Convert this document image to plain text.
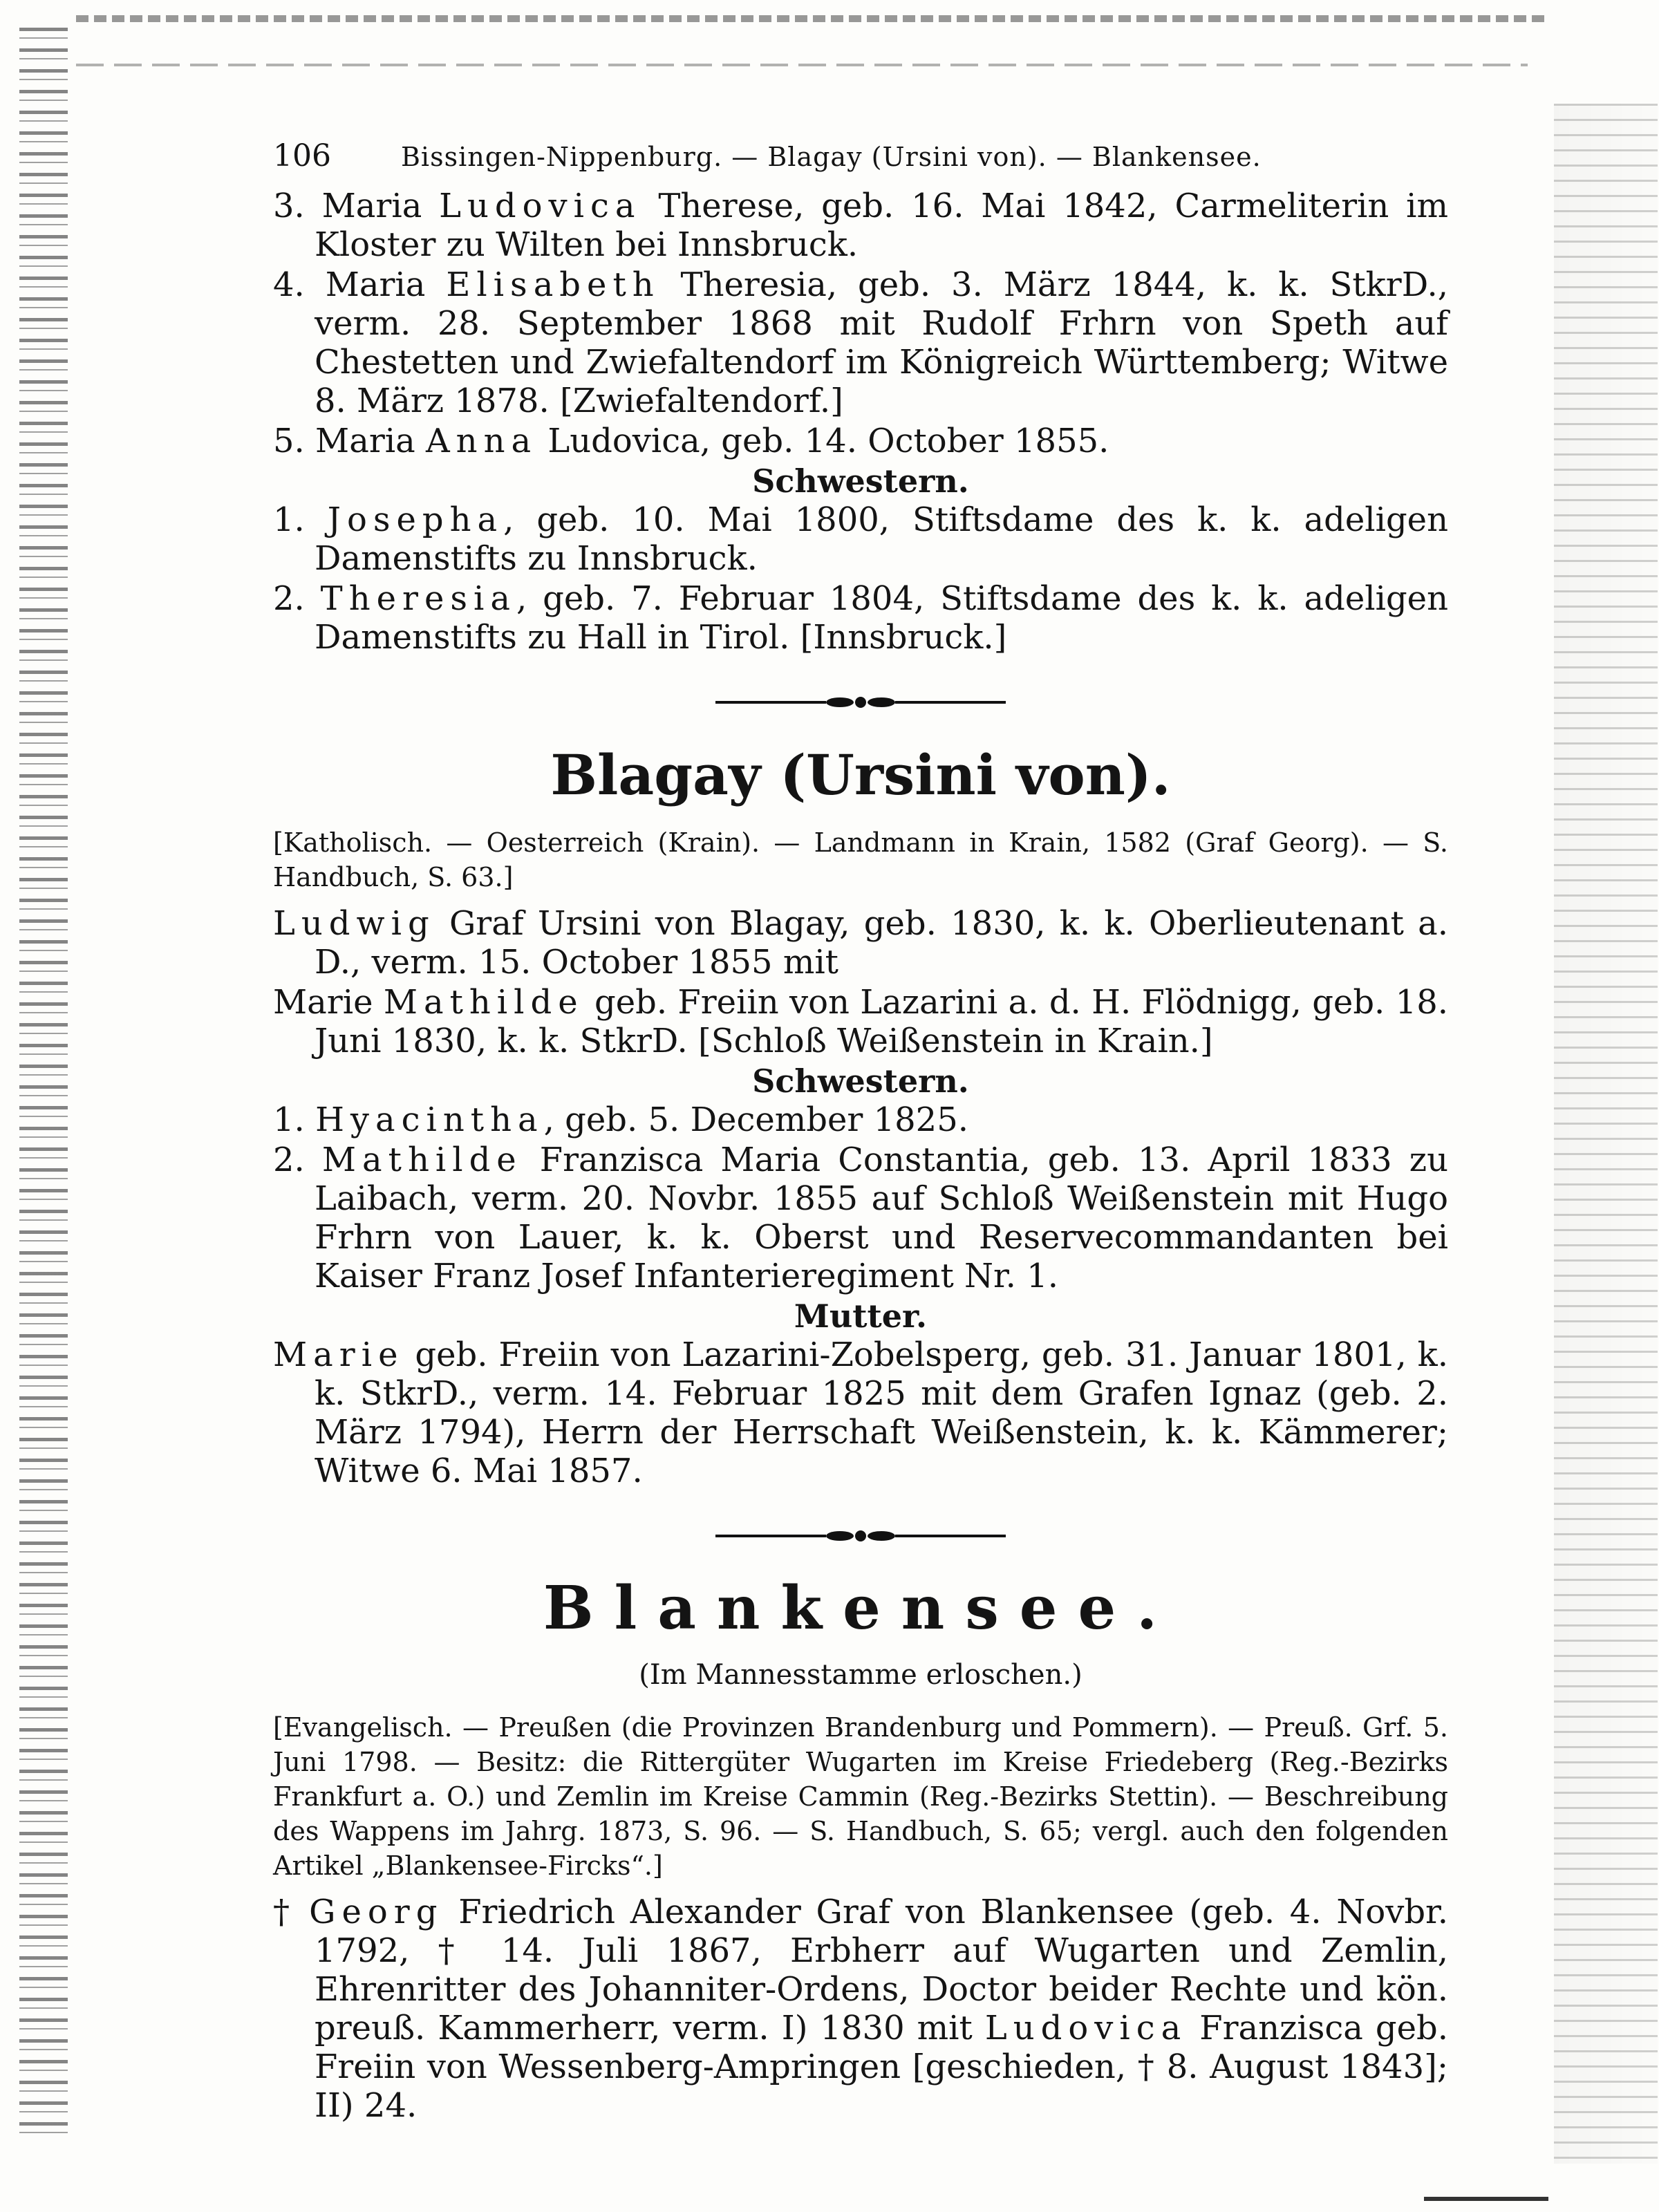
106	Bissingen-Nippenburg. — Blagay (Ursini von). — Blankensee.

3. Maria Ludovica Therese, geb. 16. Mai 1842, Carmeliterin im Kloster zu Wilten bei Innsbruck.

4. Maria Elisabeth Theresia, geb. 3. März 1844, k. k. StkrD., verm. 28. September 1868 mit Rudolf Frhrn von Speth auf Chestetten und Zwiefaltendorf im Königreich Württemberg; Witwe 8. März 1878. [Zwiefaltendorf.]

5. Maria Anna Ludovica, geb. 14. October 1855.

Schwestern.

1. Josepha, geb. 10. Mai 1800, Stiftsdame des k. k. adeligen Damenstifts zu Innsbruck.

2. Theresia, geb. 7. Februar 1804, Stiftsdame des k. k. adeligen Damenstifts zu Hall in Tirol. [Innsbruck.]

Blagay (Ursini von).

[Katholisch. — Oesterreich (Krain). — Landmann in Krain, 1582 (Graf Georg). — S. Handbuch, S. 63.]

Ludwig Graf Ursini von Blagay, geb. 1830, k. k. Oberlieutenant a. D., verm. 15. October 1855 mit

Marie Mathilde geb. Freiin von Lazarini a. d. H. Flödnigg, geb. 18. Juni 1830, k. k. StkrD. [Schloß Weißenstein in Krain.]

Schwestern.

1. Hyacintha, geb. 5. December 1825.

2. Mathilde Franzisca Maria Constantia, geb. 13. April 1833 zu Laibach, verm. 20. Novbr. 1855 auf Schloß Weißenstein mit Hugo Frhrn von Lauer, k. k. Oberst und Reservecommandanten bei Kaiser Franz Josef Infanterieregiment Nr. 1.

Mutter.

Marie geb. Freiin von Lazarini-Zobelsperg, geb. 31. Januar 1801, k. k. StkrD., verm. 14. Februar 1825 mit dem Grafen Ignaz (geb. 2. März 1794), Herrn der Herrschaft Weißenstein, k. k. Kämmerer; Witwe 6. Mai 1857.

Blankensee.

(Im Mannesstamme erloschen.)

[Evangelisch. — Preußen (die Provinzen Brandenburg und Pommern). — Preuß. Grf. 5. Juni 1798. — Besitz: die Rittergüter Wugarten im Kreise Friedeberg (Reg.-Bezirks Frankfurt a. O.) und Zemlin im Kreise Cammin (Reg.-Bezirks Stettin). — Beschreibung des Wappens im Jahrg. 1873, S. 96. — S. Handbuch, S. 65; vergl. auch den folgenden Artikel „Blankensee-Fircks“.]

† Georg Friedrich Alexander Graf von Blankensee (geb. 4. Novbr. 1792, † 14. Juli 1867, Erbherr auf Wugarten und Zemlin, Ehrenritter des Johanniter-Ordens, Doctor beider Rechte und kön. preuß. Kammerherr, verm. I) 1830 mit Ludovica Franzisca geb. Freiin von Wessenberg-Ampringen [geschieden, † 8. August 1843]; II) 24.
